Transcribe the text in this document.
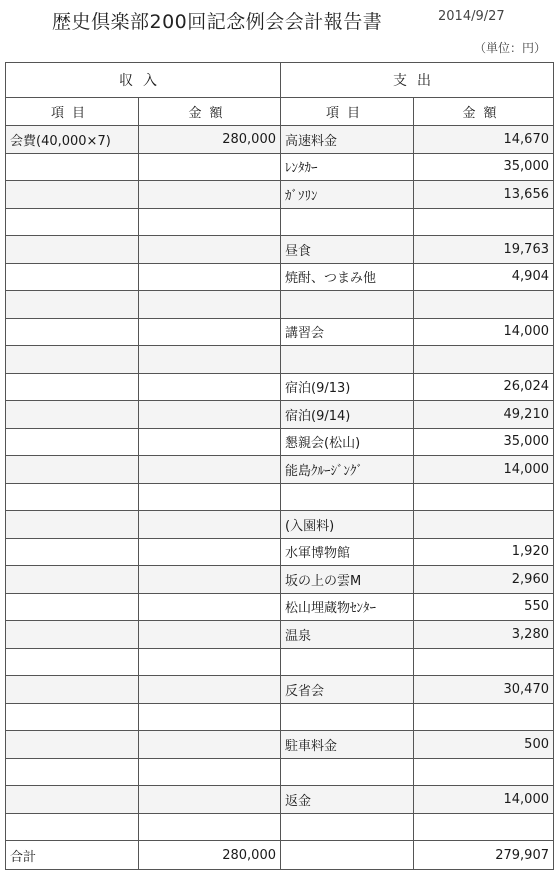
歴史倶楽部200回記念例会会計報告書	2014/9/27
（単位：円）
収入		支出	
項目	金額	項目	金額
会費(40,000×7)	280,000	高速料金	14,670
		ﾚﾝﾀｶｰ	35,000
		ｶﾞｿﾘﾝ	13,656

		昼食	19,763
		焼酎、つまみ他	4,904

		講習会	14,000

		宿泊(9/13)	26,024
		宿泊(9/14)	49,210
		懇親会(松山)	35,000
		能島ｸﾙｰｼﾞﾝｸﾞ	14,000

		(入園料)	
		水軍博物館	1,920
		坂の上の雲M	2,960
		松山埋蔵物ｾﾝﾀｰ	550
		温泉	3,280

		反省会	30,470

		駐車料金	500

		返金	14,000

合計	280,000		279,907
